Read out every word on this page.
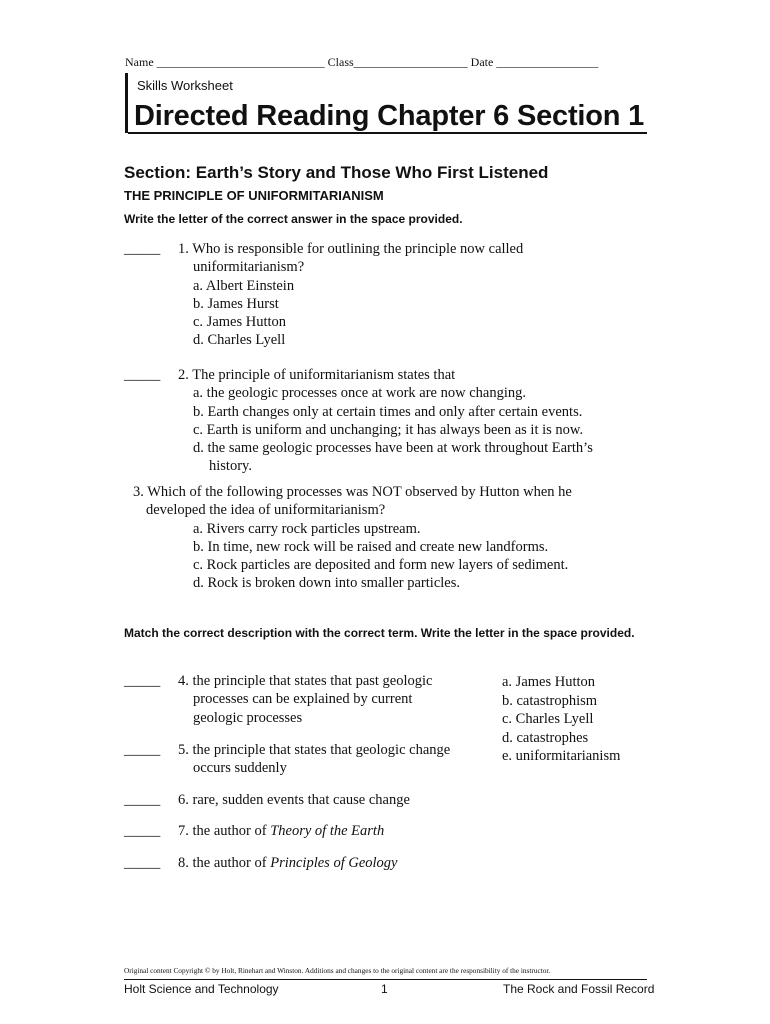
Name ____________________________ Class___________________ Date _________________
Skills Worksheet
Directed Reading Chapter 6 Section 1
Section: Earth’s Story and Those Who First Listened
THE PRINCIPLE OF UNIFORMITARIANISM
Write the letter of the correct answer in the space provided.
_____ 1. Who is responsible for outlining the principle now called
uniformitarianism?
a. Albert Einstein
b. James Hurst
c. James Hutton
d. Charles Lyell
_____ 2. The principle of uniformitarianism states that
a. the geologic processes once at work are now changing.
b. Earth changes only at certain times and only after certain events.
c. Earth is uniform and unchanging; it has always been as it is now.
d. the same geologic processes have been at work throughout Earth’s
history.
3. Which of the following processes was NOT observed by Hutton when he
developed the idea of uniformitarianism?
a. Rivers carry rock particles upstream.
b. In time, new rock will be raised and create new landforms.
c. Rock particles are deposited and form new layers of sediment.
d. Rock is broken down into smaller particles.
Match the correct description with the correct term. Write the letter in the space provided.
_____ 4. the principle that states that past geologic
processes can be explained by current
geologic processes
_____ 5. the principle that states that geologic change
occurs suddenly
_____ 6. rare, sudden events that cause change
_____ 7. the author of Theory of the Earth
_____ 8. the author of Principles of Geology
a. James Hutton
b. catastrophism
c. Charles Lyell
d. catastrophes
e. uniformitarianism
Original content Copyright © by Holt, Rinehart and Winston. Additions and changes to the original content are the responsibility of the instructor.
Holt Science and Technology	1	The Rock and Fossil Record
